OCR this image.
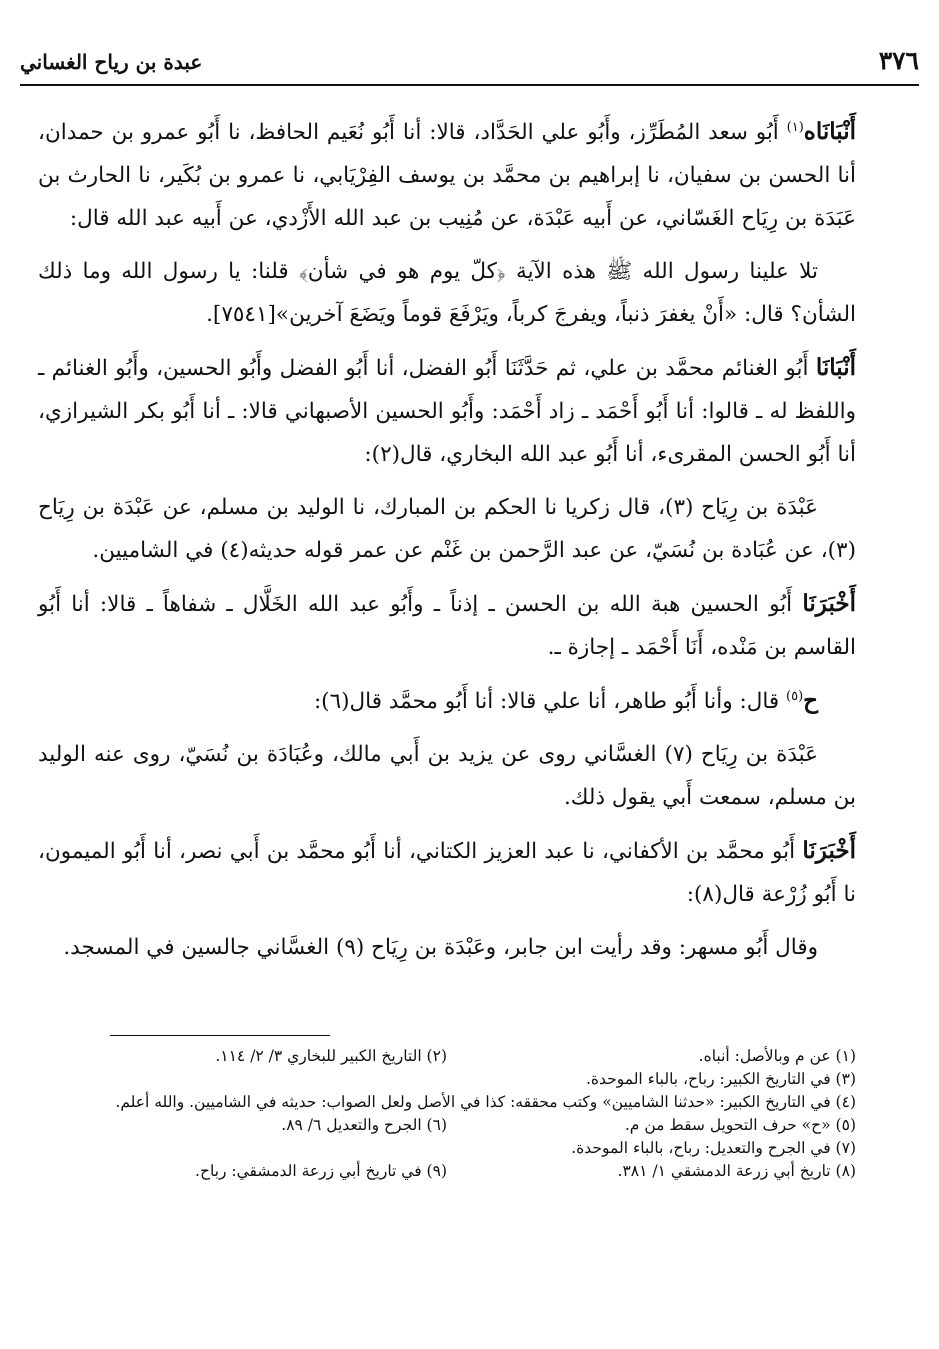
٣٧٦
عبدة بن رياح الغساني

أَنْبَانَاه$^{(١)}$ أَبُو سعد المُطَرِّز، وأَبُو علي الحَدَّاد، قالا: أنا أَبُو نُعَيم الحافظ، نا أَبُو عمرو بن حمدان، أنا الحسن بن سفيان، نا إبراهيم بن محمَّد بن يوسف الفِرْيَابي، نا عمرو بن بُكَير، نا الحارث بن عَبَدَة بن رِيَاح الغَسّاني، عن أَبيه عَبْدَة، عن مُنِيب بن عبد الله الأَزْدي، عن أَبيه عبد الله قال:

تلا علينا رسول الله ﷺ هذه الآية ﴿كلّ يوم هو في شأن﴾ قلنا: يا رسول الله وما ذلك الشأن؟ قال: «أَنْ يغفرَ ذنباً، ويفرجَ كرباً، ويَرْفَعَ قوماً ويَضَعَ آخرين»[٧٥٤١].

أَنْبَانَا أَبُو الغنائم محمَّد بن علي، ثم حَدَّثَنَا أَبُو الفضل، أنا أَبُو الفضل وأَبُو الحسين، وأَبُو الغنائم ـ واللفظ له ـ قالوا: أنا أَبُو أَحْمَد ـ زاد أَحْمَد: وأَبُو الحسين الأصبهاني قالا: ـ أنا أَبُو بكر الشيرازي، أنا أَبُو الحسن المقرىء، أنا أَبُو عبد الله البخاري، قال(٢):

عَبْدَة بن رِيَاح (٣)، قال زكريا نا الحكم بن المبارك، نا الوليد بن مسلم، عن عَبْدَة بن رِيَاح (٣)، عن عُبَادة بن نُسَيّ، عن عبد الرَّحمن بن غَنْم عن عمر قوله حديثه(٤) في الشاميين.

أَخْبَرَنَا أَبُو الحسين هبة الله بن الحسن ـ إذناً ـ وأَبُو عبد الله الخَلَّال ـ شفاهاً ـ قالا: أنا أَبُو القاسم بن مَنْده، أَنَا أَحْمَد ـ إجازة ـ.

ح$^{(٥)}$ قال: وأنا أَبُو طاهر، أنا علي قالا: أنا أَبُو محمَّد قال(٦):

عَبْدَة بن رِيَاح (٧) الغسَّاني روى عن يزيد بن أَبي مالك، وعُبَادَة بن نُسَيّ، روى عنه الوليد بن مسلم، سمعت أَبي يقول ذلك.

أَخْبَرَنَا أَبُو محمَّد بن الأكفاني، نا عبد العزيز الكتاني، أنا أَبُو محمَّد بن أَبي نصر، أنا أَبُو الميمون، نا أَبُو زُرْعة قال(٨):

وقال أَبُو مسهر: وقد رأيت ابن جابر، وعَبْدَة بن رِيَاح (٩) الغسَّاني جالسين في المسجد.

(١) عن م وبالأصل: أنباه.
(٢) التاريخ الكبير للبخاري ٣/ ٢/ ١١٤.
(٣) في التاريخ الكبير: رباح، بالباء الموحدة.
(٤) في التاريخ الكبير: «حدثنا الشاميين» وكتب محققه: كذا في الأصل ولعل الصواب: حديثه في الشاميين. والله أعلم.
(٥) «ح» حرف التحويل سقط من م.
(٦) الجرح والتعديل ٦/ ٨٩.
(٧) في الجرح والتعديل: رباح، بالباء الموحدة.
(٨) تاريخ أبي زرعة الدمشقي ١/ ٣٨١.
(٩) في تاريخ أبي زرعة الدمشقي: رباح.
